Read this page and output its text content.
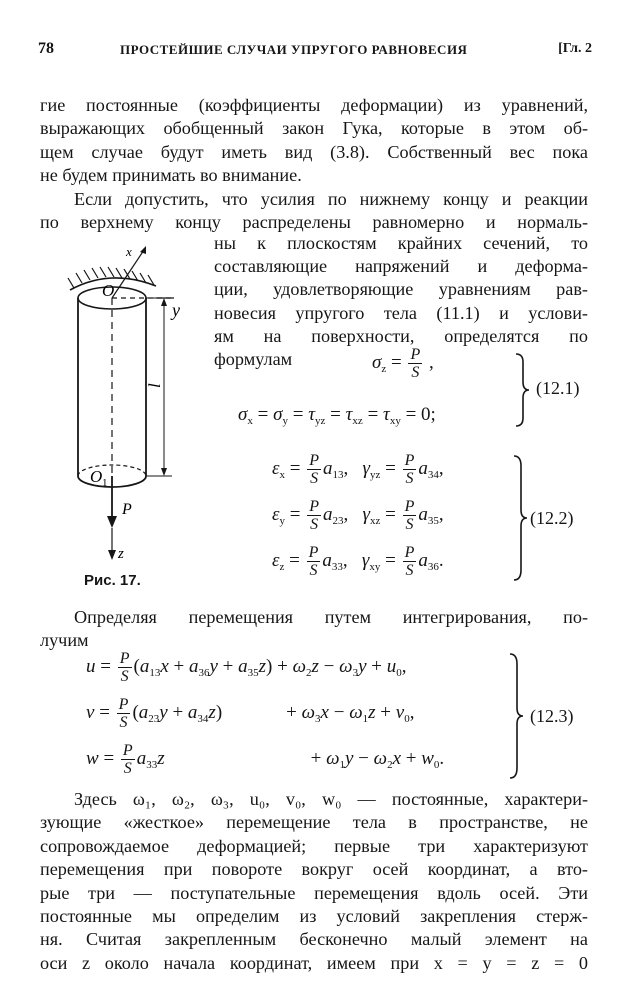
78	ПРОСТЕЙШИЕ СЛУЧАИ УПРУГОГО РАВНОВЕСИЯ	[Гл. 2
гие постоянные (коэффициенты деформации) из уравнений,
выражающих обобщенный закон Гука, которые в этом об-
щем случае будут иметь вид (3.8). Собственный вес пока
не будем принимать во внимание.
Если допустить, что усилия по нижнему концу и реакции
по верхнему концу распределены равномерно и нормаль-
ны к плоскостям крайних сечений, то
составляющие напряжений и деформа-
ции, удовлетворяющие уравнениям рав-
новесия упругого тела (11.1) и услови-
ям на поверхности, определятся по
формулам
x
y
O
l
O 1
P
z
Рис. 17.
$\sigma_z = \frac{P}{S}$ ,
$\sigma_x = \sigma_y = \tau_{yz} = \tau_{xz} = \tau_{xy} = 0$;
(12.1)
$\varepsilon_x = \frac{P}{S} a_{13}$,   $\gamma_{yz} = \frac{P}{S} a_{34}$,
$\varepsilon_y = \frac{P}{S} a_{23}$,   $\gamma_{xz} = \frac{P}{S} a_{35}$,
$\varepsilon_z = \frac{P}{S} a_{33}$,   $\gamma_{xy} = \frac{P}{S} a_{36}$.
(12.2)
Определяя перемещения путем интегрирования, по-
лучим
$u = \frac{P}{S} (a_{13}x + a_{36}y + a_{35}z) + \omega_2z - \omega_3y + u_0$,
$v = \frac{P}{S} (a_{23}y + a_{34}z)$	+ $\omega_3x - \omega_1z + v_0$,
$w = \frac{P}{S} a_{33}z$	+ $\omega_1y - \omega_2x + w_0$.
(12.3)
Здесь ω₁, ω₂, ω₃, u₀, v₀, w₀ — постоянные, характери-
зующие «жесткое» перемещение тела в пространстве, не
сопровождаемое деформацией; первые три характеризуют
перемещения при повороте вокруг осей координат, а вто-
рые три — поступательные перемещения вдоль осей. Эти
постоянные мы определим из условий закрепления стерж-
ня. Считая закрепленным бесконечно малый элемент на
оси z около начала координат, имеем при x = y = z = 0
